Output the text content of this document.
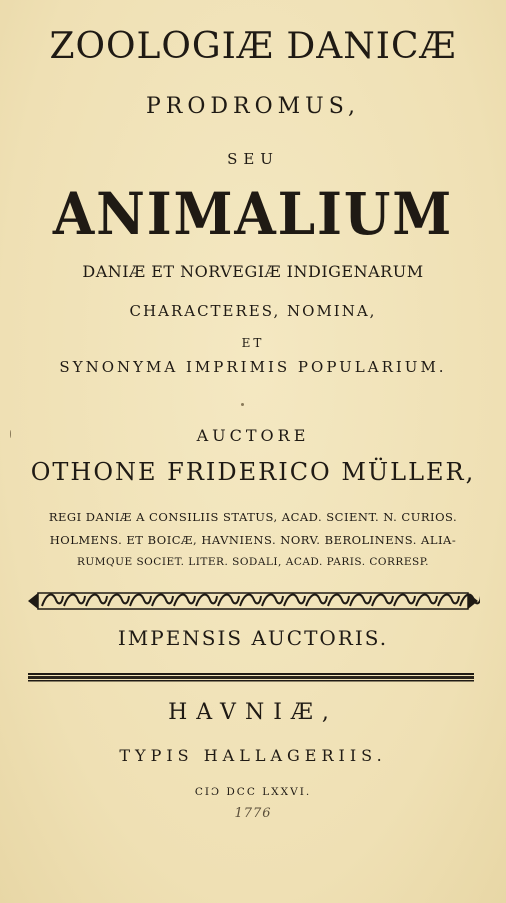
ZOOLOGIÆ DANICÆ
PRODROMUS,
SEU
ANIMALIUM
DANIÆ ET NORVEGIÆ INDIGENARUM
CHARACTERES, NOMINA,
ET
SYNONYMA IMPRIMIS POPULARIUM.
AUCTORE
OTHONE FRIDERICO MÜLLER,
REGI DANIÆ A CONSILIIS STATUS, ACAD. SCIENT. N. CURIOS.
HOLMENS. ET BOICÆ, HAVNIENS. NORV. BEROLINENS. ALIA-
RUMQUE SOCIET. LITER. SODALI, ACAD. PARIS. CORRESP.
IMPENSIS AUCTORIS.
HAVNIÆ,
TYPIS HALLAGERIIS.
CIƆ DCC LXXVI.
1776
